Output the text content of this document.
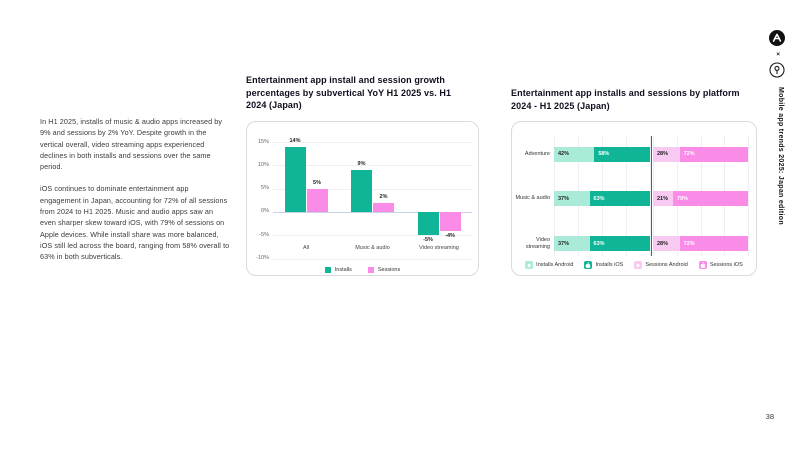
In H1 2025, installs of music & audio apps increased by 9% and sessions by 2% YoY. Despite growth in the vertical overall, video streaming apps experienced declines in both installs and sessions over the same period.

iOS continues to dominate entertainment app engagement in Japan, accounting for 72% of all sessions from 2024 to H1 2025. Music and audio apps saw an even sharper skew toward iOS, with 79% of sessions on Apple devices. While install share was more balanced, iOS still led across the board, ranging from 58% overall to 63% in both subverticals.

Entertainment app install and session growth percentages by subvertical YoY H1 2025 vs. H1 2024 (Japan)
15%
10%
5%
0%
-5%
-10%
All
14%
5%
Music & audio
9%
2%
Video streaming
-5%
-4%
Installs	Sessions
Entertainment app installs and sessions by platform 2024 - H1 2025 (Japan)
Adventure 42%	58%	28%	72%
Music & audio 37%	63%	21% 79%
Video streaming 37%	63%	28%	72%
Installs Android	Installs iOS	Sessions Android	Sessions iOS
×
Mobile app trends 2025: Japan edition
38
